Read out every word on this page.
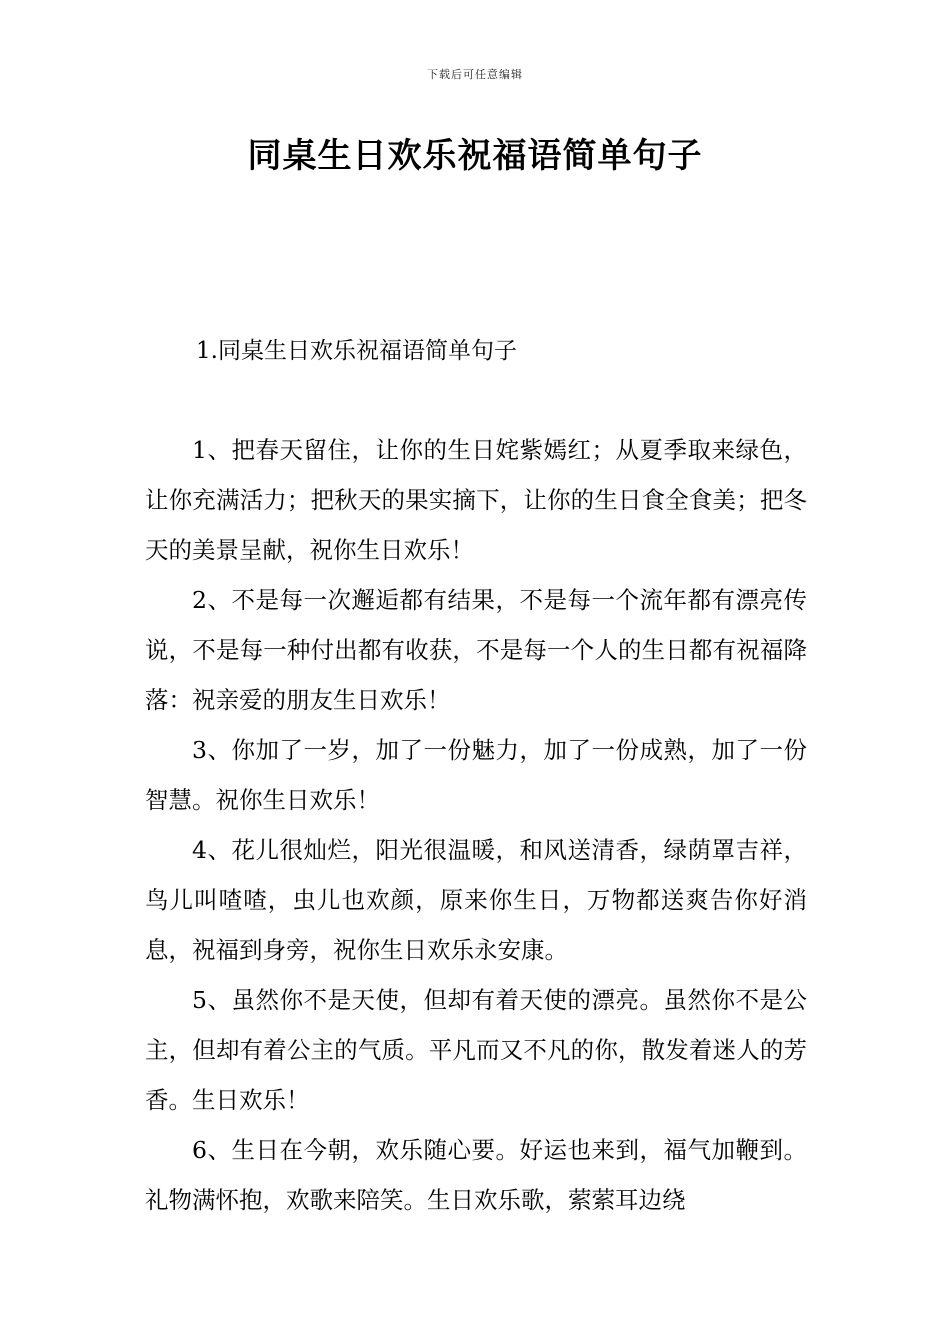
下载后可任意编辑
同桌生日欢乐祝福语简单句子
1.同桌生日欢乐祝福语简单句子

1、把春天留住，让你的生日姹紫嫣红；从夏季取来绿色，让你充满活力；把秋天的果实摘下，让你的生日食全食美；把冬天的美景呈献，祝你生日欢乐！

2、不是每一次邂逅都有结果，不是每一个流年都有漂亮传说，不是每一种付出都有收获，不是每一个人的生日都有祝福降落：祝亲爱的朋友生日欢乐！

3、你加了一岁，加了一份魅力，加了一份成熟，加了一份智慧。祝你生日欢乐！

4、花儿很灿烂，阳光很温暖，和风送清香，绿荫罩吉祥，鸟儿叫喳喳，虫儿也欢颜，原来你生日，万物都送爽告你好消息，祝福到身旁，祝你生日欢乐永安康。

5、虽然你不是天使，但却有着天使的漂亮。虽然你不是公主，但却有着公主的气质。平凡而又不凡的你，散发着迷人的芳香。生日欢乐！

6、生日在今朝，欢乐随心要。好运也来到，福气加鞭到。礼物满怀抱，欢歌来陪笑。生日欢乐歌，萦萦耳边绕
